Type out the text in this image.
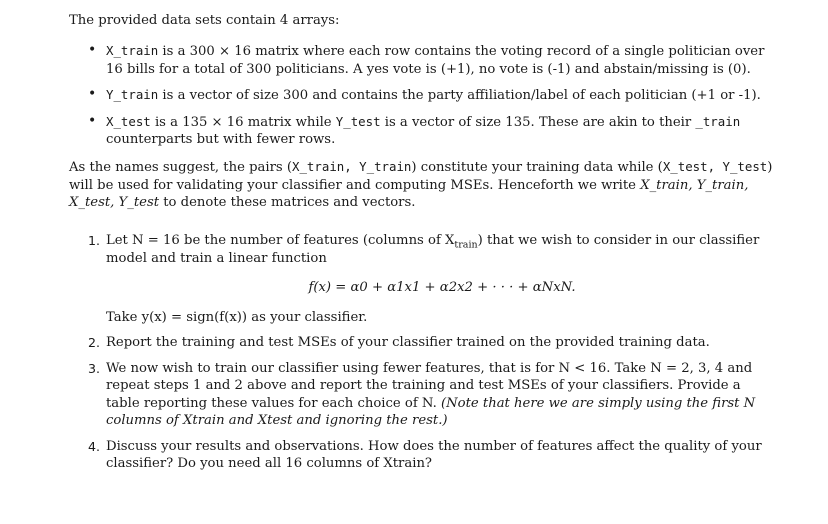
The provided data sets contain 4 arrays:
• X_train is a 300 × 16 matrix where each row contains the voting record of a single politician over 16 bills for a total of 300 politicians. A yes vote is (+1), no vote is (-1) and abstain/missing is (0).
• Y_train is a vector of size 300 and contains the party affiliation/label of each politician (+1 or -1).
• X_test is a 135 × 16 matrix while Y_test is a vector of size 135. These are akin to their _train counterparts but with fewer rows.
As the names suggest, the pairs (X_train, Y_train) constitute your training data while (X_test, Y_test) will be used for validating your classifier and computing MSEs. Henceforth we write X_train, Y_train, X_test, Y_test to denote these matrices and vectors.
1. Let N = 16 be the number of features (columns of $X_{train}$) that we wish to consider in our classifier model and train a linear function
f(x) = α0 + α1x1 + α2x2 + · · · + αNxN.
Take y(x) = sign(f(x)) as your classifier.
2. Report the training and test MSEs of your classifier trained on the provided training data.
3. We now wish to train our classifier using fewer features, that is for N < 16. Take N = 2, 3, 4 and repeat steps 1 and 2 above and report the training and test MSEs of your classifiers. Provide a table reporting these values for each choice of N. (Note that here we are simply using the first N columns of Xtrain and Xtest and ignoring the rest.)
4. Discuss your results and observations. How does the number of features affect the quality of your classifier? Do you need all 16 columns of Xtrain?
